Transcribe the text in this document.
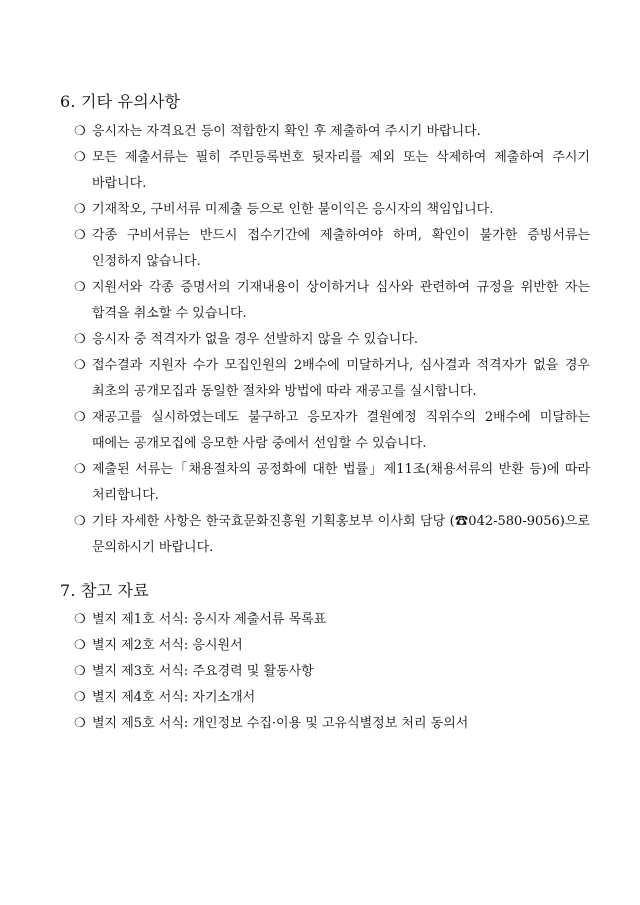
6. 기타 유의사항
❍ 응시자는 자격요건 등이 적합한지 확인 후 제출하여 주시기 바랍니다.
❍ 모든 제출서류는 필히 주민등록번호 뒷자리를 제외 또는 삭제하여 제출하여 주시기 바랍니다.
❍ 기재착오, 구비서류 미제출 등으로 인한 불이익은 응시자의 책임입니다.
❍ 각종 구비서류는 반드시 접수기간에 제출하여야 하며, 확인이 불가한 증빙서류는 인정하지 않습니다.
❍ 지원서와 각종 증명서의 기재내용이 상이하거나 심사와 관련하여 규정을 위반한 자는 합격을 취소할 수 있습니다.
❍ 응시자 중 적격자가 없을 경우 선발하지 않을 수 있습니다.
❍ 접수결과 지원자 수가 모집인원의 2배수에 미달하거나, 심사결과 적격자가 없을 경우 최초의 공개모집과 동일한 절차와 방법에 따라 재공고를 실시합니다.
❍ 재공고를 실시하였는데도 불구하고 응모자가 결원예정 직위수의 2배수에 미달하는 때에는 공개모집에 응모한 사람 중에서 선임할 수 있습니다.
❍ 제출된 서류는「채용절차의 공정화에 대한 법률」제11조(채용서류의 반환 등)에 따라 처리합니다.
❍ 기타 자세한 사항은 한국효문화진흥원 기획홍보부 이사회 담당 (☎042-580-9056)으로 문의하시기 바랍니다.
7. 참고 자료
❍ 별지 제1호 서식: 응시자 제출서류 목록표
❍ 별지 제2호 서식: 응시원서
❍ 별지 제3호 서식: 주요경력 및 활동사항
❍ 별지 제4호 서식: 자기소개서
❍ 별지 제5호 서식: 개인정보 수집·이용 및 고유식별정보 처리 동의서
